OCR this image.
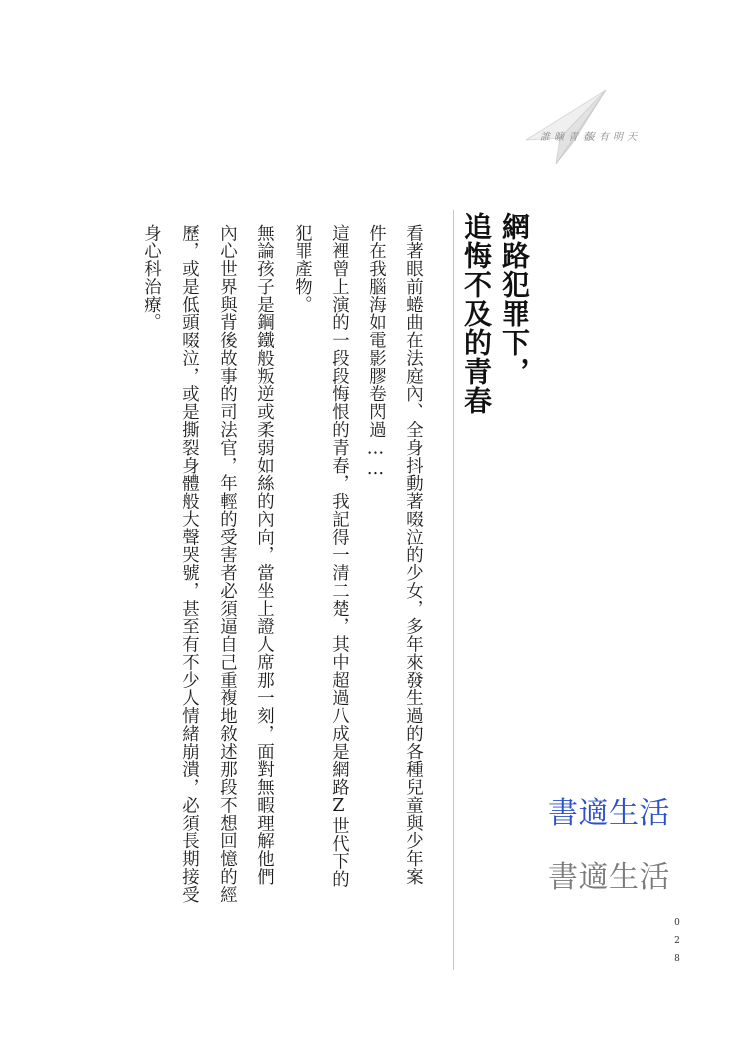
誰曠青春
沒有明天
網路犯罪下，
追悔不及的青春
看著眼前蜷曲在法庭內、全身抖動著啜泣的少女，多年來發生過的各種兒童與少年案
件在我腦海如電影膠卷閃過……
這裡曾上演的一段段悔恨的青春，我記得一清二楚，其中超過八成是網路Z世代下的
犯罪產物。
無論孩子是鋼鐵般叛逆或柔弱如絲的內向，當坐上證人席那一刻，面對無暇理解他們
內心世界與背後故事的司法官，年輕的受害者必須逼自己重複地敘述那段不想回憶的經
歷，或是低頭啜泣，或是撕裂身體般大聲哭號，甚至有不少人情緒崩潰，必須長期接受
身心科治療。
書適生活
書適生活
028
